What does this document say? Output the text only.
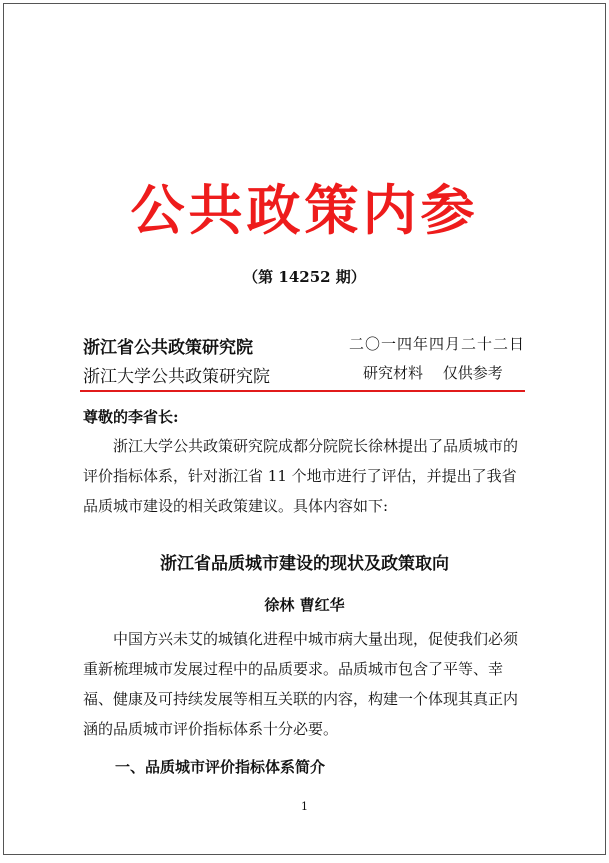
公共政策内参
（第 14252 期）
浙江省公共政策研究院	二〇一四年四月二十二日
浙江大学公共政策研究院	研究材料　 仅供参考
尊敬的李省长:
浙江大学公共政策研究院成都分院院长徐林提出了品质城市的评价指标体系，针对浙江省 11 个地市进行了评估，并提出了我省品质城市建设的相关政策建议。具体内容如下:
浙江省品质城市建设的现状及政策取向
徐林 曹红华
中国方兴未艾的城镇化进程中城市病大量出现，促使我们必须重新梳理城市发展过程中的品质要求。品质城市包含了平等、幸福、健康及可持续发展等相互关联的内容，构建一个体现其真正内涵的品质城市评价指标体系十分必要。
一、品质城市评价指标体系简介
1
